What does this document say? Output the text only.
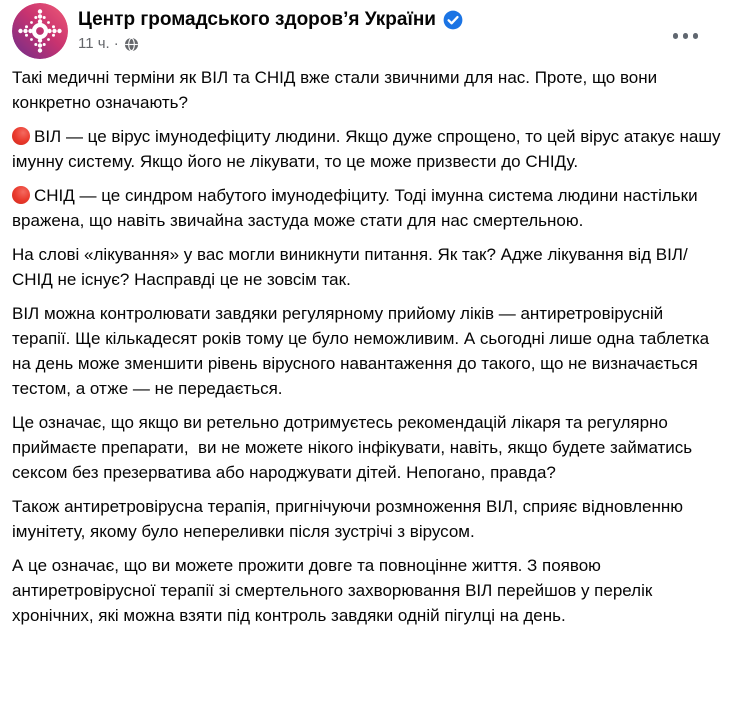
Центр громадського здоров’я України
11 ч. ·

Такі медичні терміни як ВІЛ та СНІД вже стали звичними для нас. Проте, що вони конкретно означають?

ВІЛ — це вірус імунодефіциту людини. Якщо дуже спрощено, то цей вірус атакує нашу імунну систему. Якщо його не лікувати, то це може призвести до СНІДу.

СНІД — це синдром набутого імунодефіциту. Тоді імунна система людини настільки вражена, що навіть звичайна застуда може стати для нас смертельною.

На слові «лікування» у вас могли виникнути питання. Як так? Адже лікування від ВІЛ/СНІД не існує? Насправді це не зовсім так.

ВІЛ можна контролювати завдяки регулярному прийому ліків — антиретровірусній терапії. Ще кількадесят років тому це було неможливим. А сьогодні лише одна таблетка на день може зменшити рівень вірусного навантаження до такого, що не визначається тестом, а отже — не передається.

Це означає, що якщо ви ретельно дотримуєтесь рекомендацій лікаря та регулярно приймаєте препарати,  ви не можете нікого інфікувати, навіть, якщо будете займатись сексом без презерватива або народжувати дітей. Непогано, правда?

Також антиретровірусна терапія, пригнічуючи розмноження ВІЛ, сприяє відновленню імунітету, якому було непереливки після зустрічі з вірусом.

А це означає, що ви можете прожити довге та повноцінне життя. З появою антиретровірусної терапії зі смертельного захворювання ВІЛ перейшов у перелік хронічних, які можна взяти під контроль завдяки одній пігулці на день.
